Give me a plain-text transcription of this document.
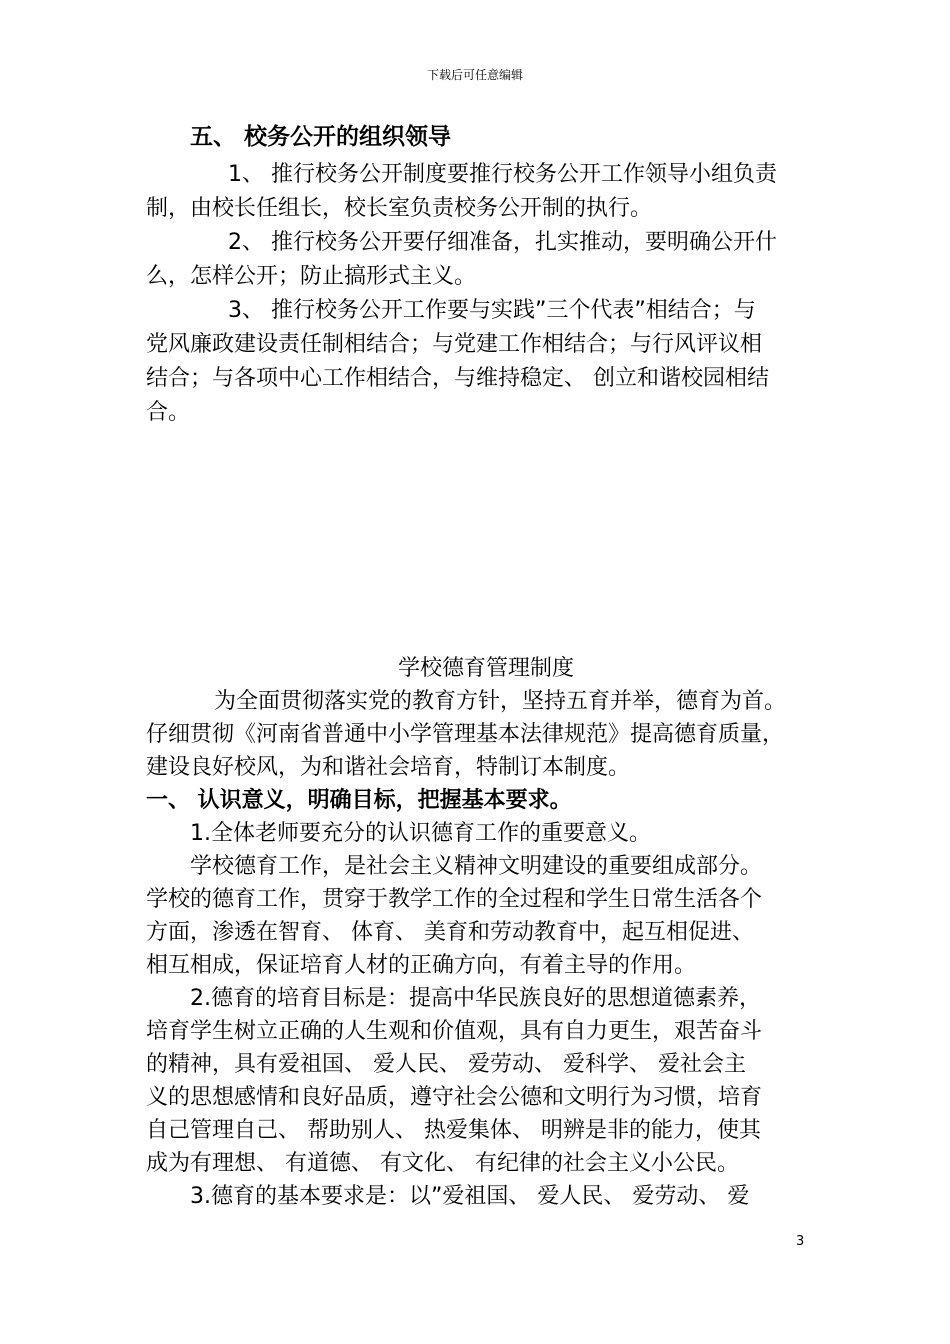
下载后可任意编辑
五、 校务公开的组织领导
1、 推行校务公开制度要推行校务公开工作领导小组负责
制，由校长任组长，校长室负责校务公开制的执行。
2、 推行校务公开要仔细准备，扎实推动，要明确公开什
么，怎样公开；防止搞形式主义。
3、 推行校务公开工作要与实践”三个代表”相结合；与
党风廉政建设责任制相结合；与党建工作相结合；与行风评议相
结合；与各项中心工作相结合，与维持稳定、 创立和谐校园相结
合。
学校德育管理制度
为全面贯彻落实党的教育方针，坚持五育并举，德育为首。
仔细贯彻《河南省普通中小学管理基本法律规范》提高德育质量，
建设良好校风，为和谐社会培育，特制订本制度。
一、 认识意义，明确目标，把握基本要求。
1.全体老师要充分的认识德育工作的重要意义。
学校德育工作，是社会主义精神文明建设的重要组成部分。
学校的德育工作，贯穿于教学工作的全过程和学生日常生活各个
方面，渗透在智育、 体育、 美育和劳动教育中，起互相促进、
相互相成，保证培育人材的正确方向，有着主导的作用。
2.德育的培育目标是：提高中华民族良好的思想道德素养，
培育学生树立正确的人生观和价值观，具有自力更生，艰苦奋斗
的精神，具有爱祖国、 爱人民、 爱劳动、 爱科学、 爱社会主
义的思想感情和良好品质，遵守社会公德和文明行为习惯，培育
自己管理自己、 帮助别人、 热爱集体、 明辨是非的能力，使其
成为有理想、 有道德、 有文化、 有纪律的社会主义小公民。
3.德育的基本要求是：以”爱祖国、 爱人民、 爱劳动、 爱
3
